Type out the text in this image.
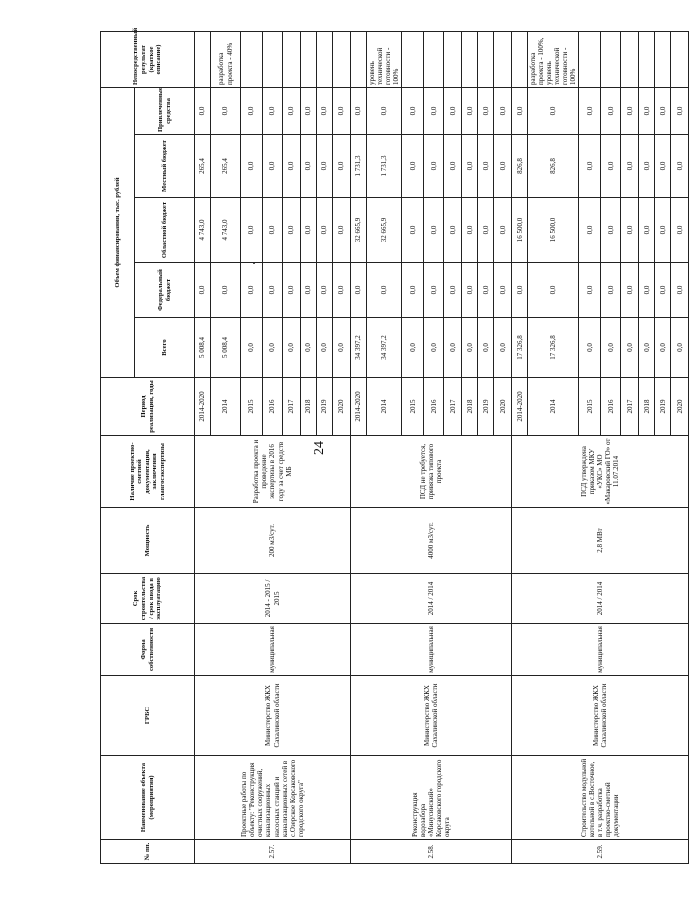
24
№ пп.	Наименование объекта (мероприятия)	ГРБС	Форма собственности	Срок строительства / срок ввода в эксплуатацию	Мощность	Наличие проектно-сметной документации, заключения главгосэкспертизы	Период реализации, годы	Объем финансирования, тыс. рублей					Непосредственный результат (краткое описание)
								Всего	Федеральный бюджет	Областной бюджет	Местный бюджет	Привлеченные средства	
2.57.	Проектные работы по объекту: "Реконструкция очистных сооружений, канализационных насосных станций и канализационных сетей в с.Озерское Корсаковского городского округа"	Министерство ЖКХ Сахалинской области	муниципальная	2014 - 2015 / 2015	200 м3/сут.	Разработка проекта и проведение экспертизы в 2016 году за счет средств МБ	2014-2020	5 008,4	0,0	4 743,0	265,4	0,0	
							2014	5 008,4	0,0	4 743,0	265,4	0,0	разработка проекта - 40%
							2015	0,0	0,0	0,0	0,0	0,0	
							2016	0,0	0,0	0,0	0,0	0,0	
							2017	0,0	0,0	0,0	0,0	0,0	
							2018	0,0	0,0	0,0	0,0	0,0	
							2019	0,0	0,0	0,0	0,0	0,0	
							2020	0,0	0,0	0,0	0,0	0,0	
2.58.	Реконструкция водозабора «Минусинский» Корсаковского городского округа	Министерство ЖКХ Сахалинской области	муниципальная	2014 / 2014	4000 м3/сут.	ПСД не требуется, привязка типового проекта	2014-2020	34 397,2	0,0	32 665,9	1 731,3	0,0	
							2014	34 397,2	0,0	32 665,9	1 731,3	0,0	уровень технической готовности - 100%
							2015	0,0	0,0	0,0	0,0	0,0	
							2016	0,0	0,0	0,0	0,0	0,0	
							2017	0,0	0,0	0,0	0,0	0,0	
							2018	0,0	0,0	0,0	0,0	0,0	
							2019	0,0	0,0	0,0	0,0	0,0	
							2020	0,0	0,0	0,0	0,0	0,0	
2.59.	Строительство модульной котельной в с.Восточное, в т.ч. разработка проектно-сметной документации	Министерство ЖКХ Сахалинской области	муниципальная	2014 / 2014	2,8 МВт	ПСД утверждена приказом МКУ «УКС» МО «Макаровский ГО» от 11.07.2014	2014-2020	17 326,8	0,0	16 500,0	826,8	0,0	
							2014	17 326,8	0,0	16 500,0	826,8	0,0	разработка проекта - 100%, уровень технической готовности - 100%
							2015	0,0	0,0	0,0	0,0	0,0	
							2016	0,0	0,0	0,0	0,0	0,0	
							2017	0,0	0,0	0,0	0,0	0,0	
							2018	0,0	0,0	0,0	0,0	0,0	
							2019	0,0	0,0	0,0	0,0	0,0	
							2020	0,0	0,0	0,0	0,0	0,0	
